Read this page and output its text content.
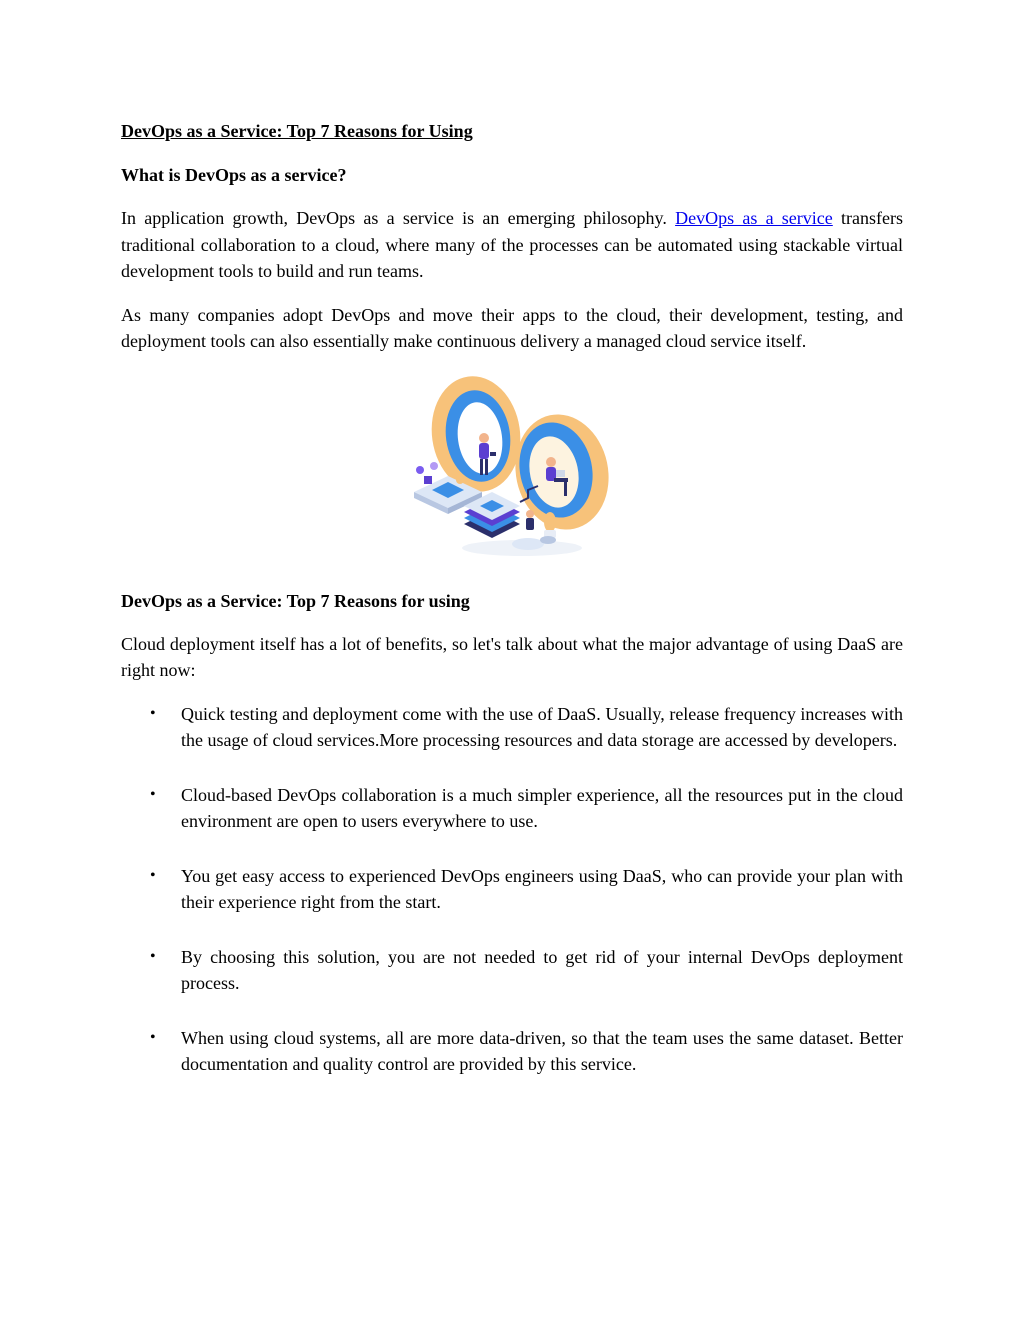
DevOps as a Service: Top 7 Reasons for Using
What is DevOps as a service?

In application growth, DevOps as a service is an emerging philosophy. DevOps as a service transfers traditional collaboration to a cloud, where many of the processes can be automated using stackable virtual development tools to build and run teams.

As many companies adopt DevOps and move their apps to the cloud, their development, testing, and deployment tools can also essentially make continuous delivery a managed cloud service itself.

DevOps as a Service: Top 7 Reasons for using

Cloud deployment itself has a lot of benefits, so let's talk about what the major advantage of using DaaS are right now:

• Quick testing and deployment come with the use of DaaS. Usually, release frequency increases with the usage of cloud services.More processing resources and data storage are accessed by developers.
• Cloud-based DevOps collaboration is a much simpler experience, all the resources put in the cloud environment are open to users everywhere to use.
• You get easy access to experienced DevOps engineers using DaaS, who can provide your plan with their experience right from the start.
• By choosing this solution, you are not needed to get rid of your internal DevOps deployment process.
• When using cloud systems, all are more data-driven, so that the team uses the same dataset. Better documentation and quality control are provided by this service.
